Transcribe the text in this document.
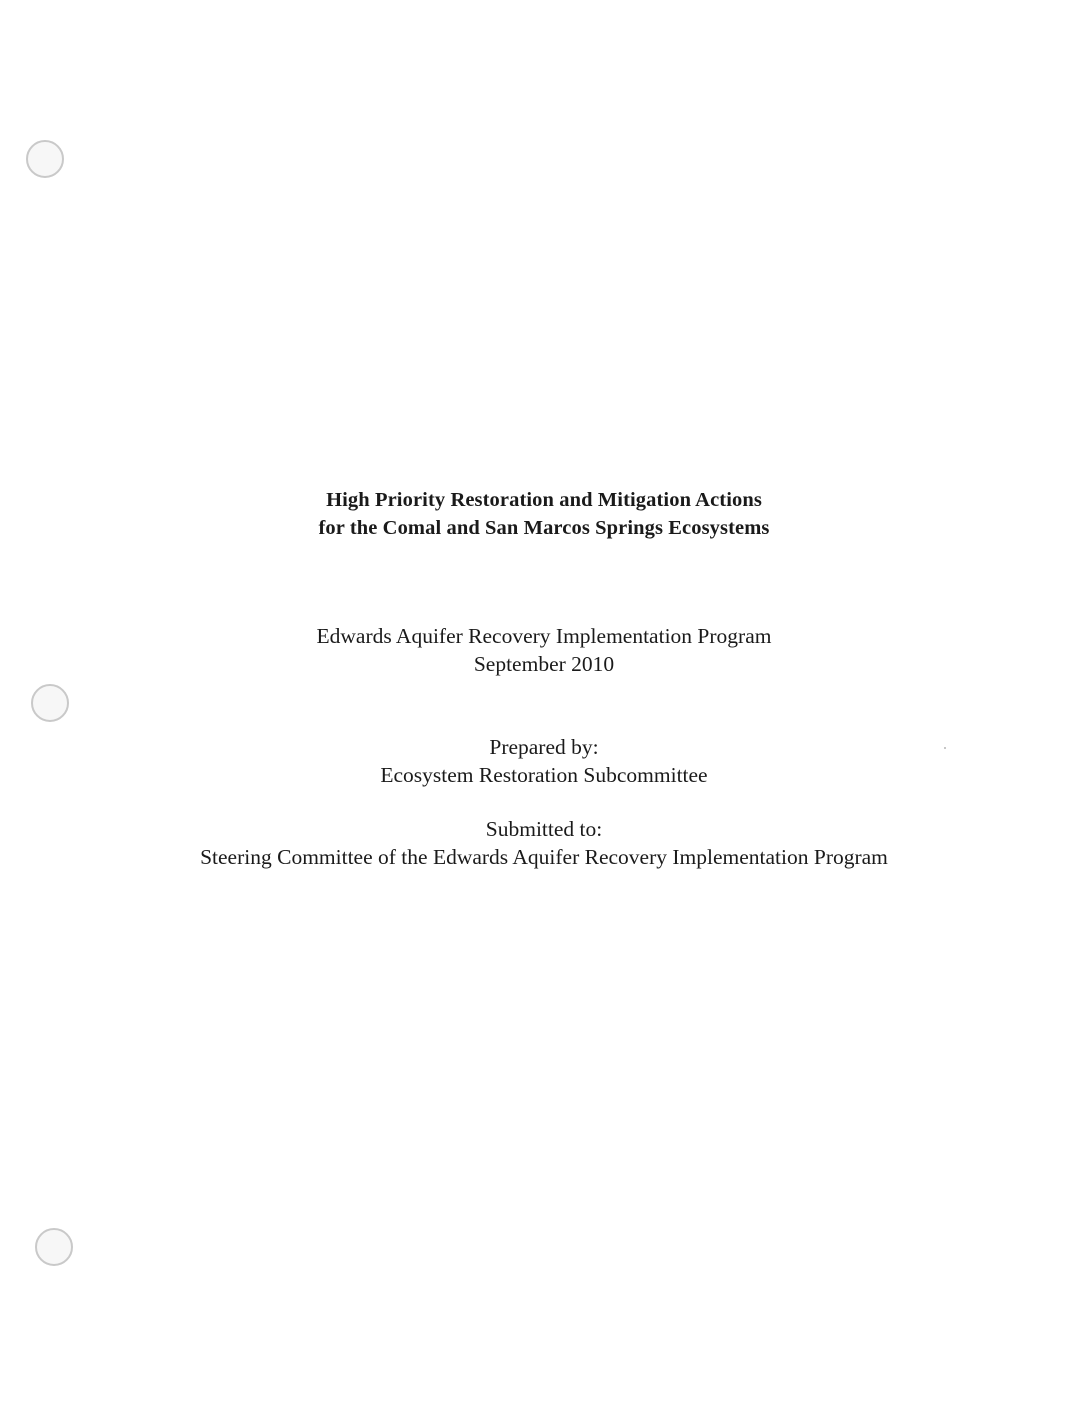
High Priority Restoration and Mitigation Actions
for the Comal and San Marcos Springs Ecosystems
Edwards Aquifer Recovery Implementation Program
September 2010
Prepared by:
Ecosystem Restoration Subcommittee
Submitted to:
Steering Committee of the Edwards Aquifer Recovery Implementation Program
